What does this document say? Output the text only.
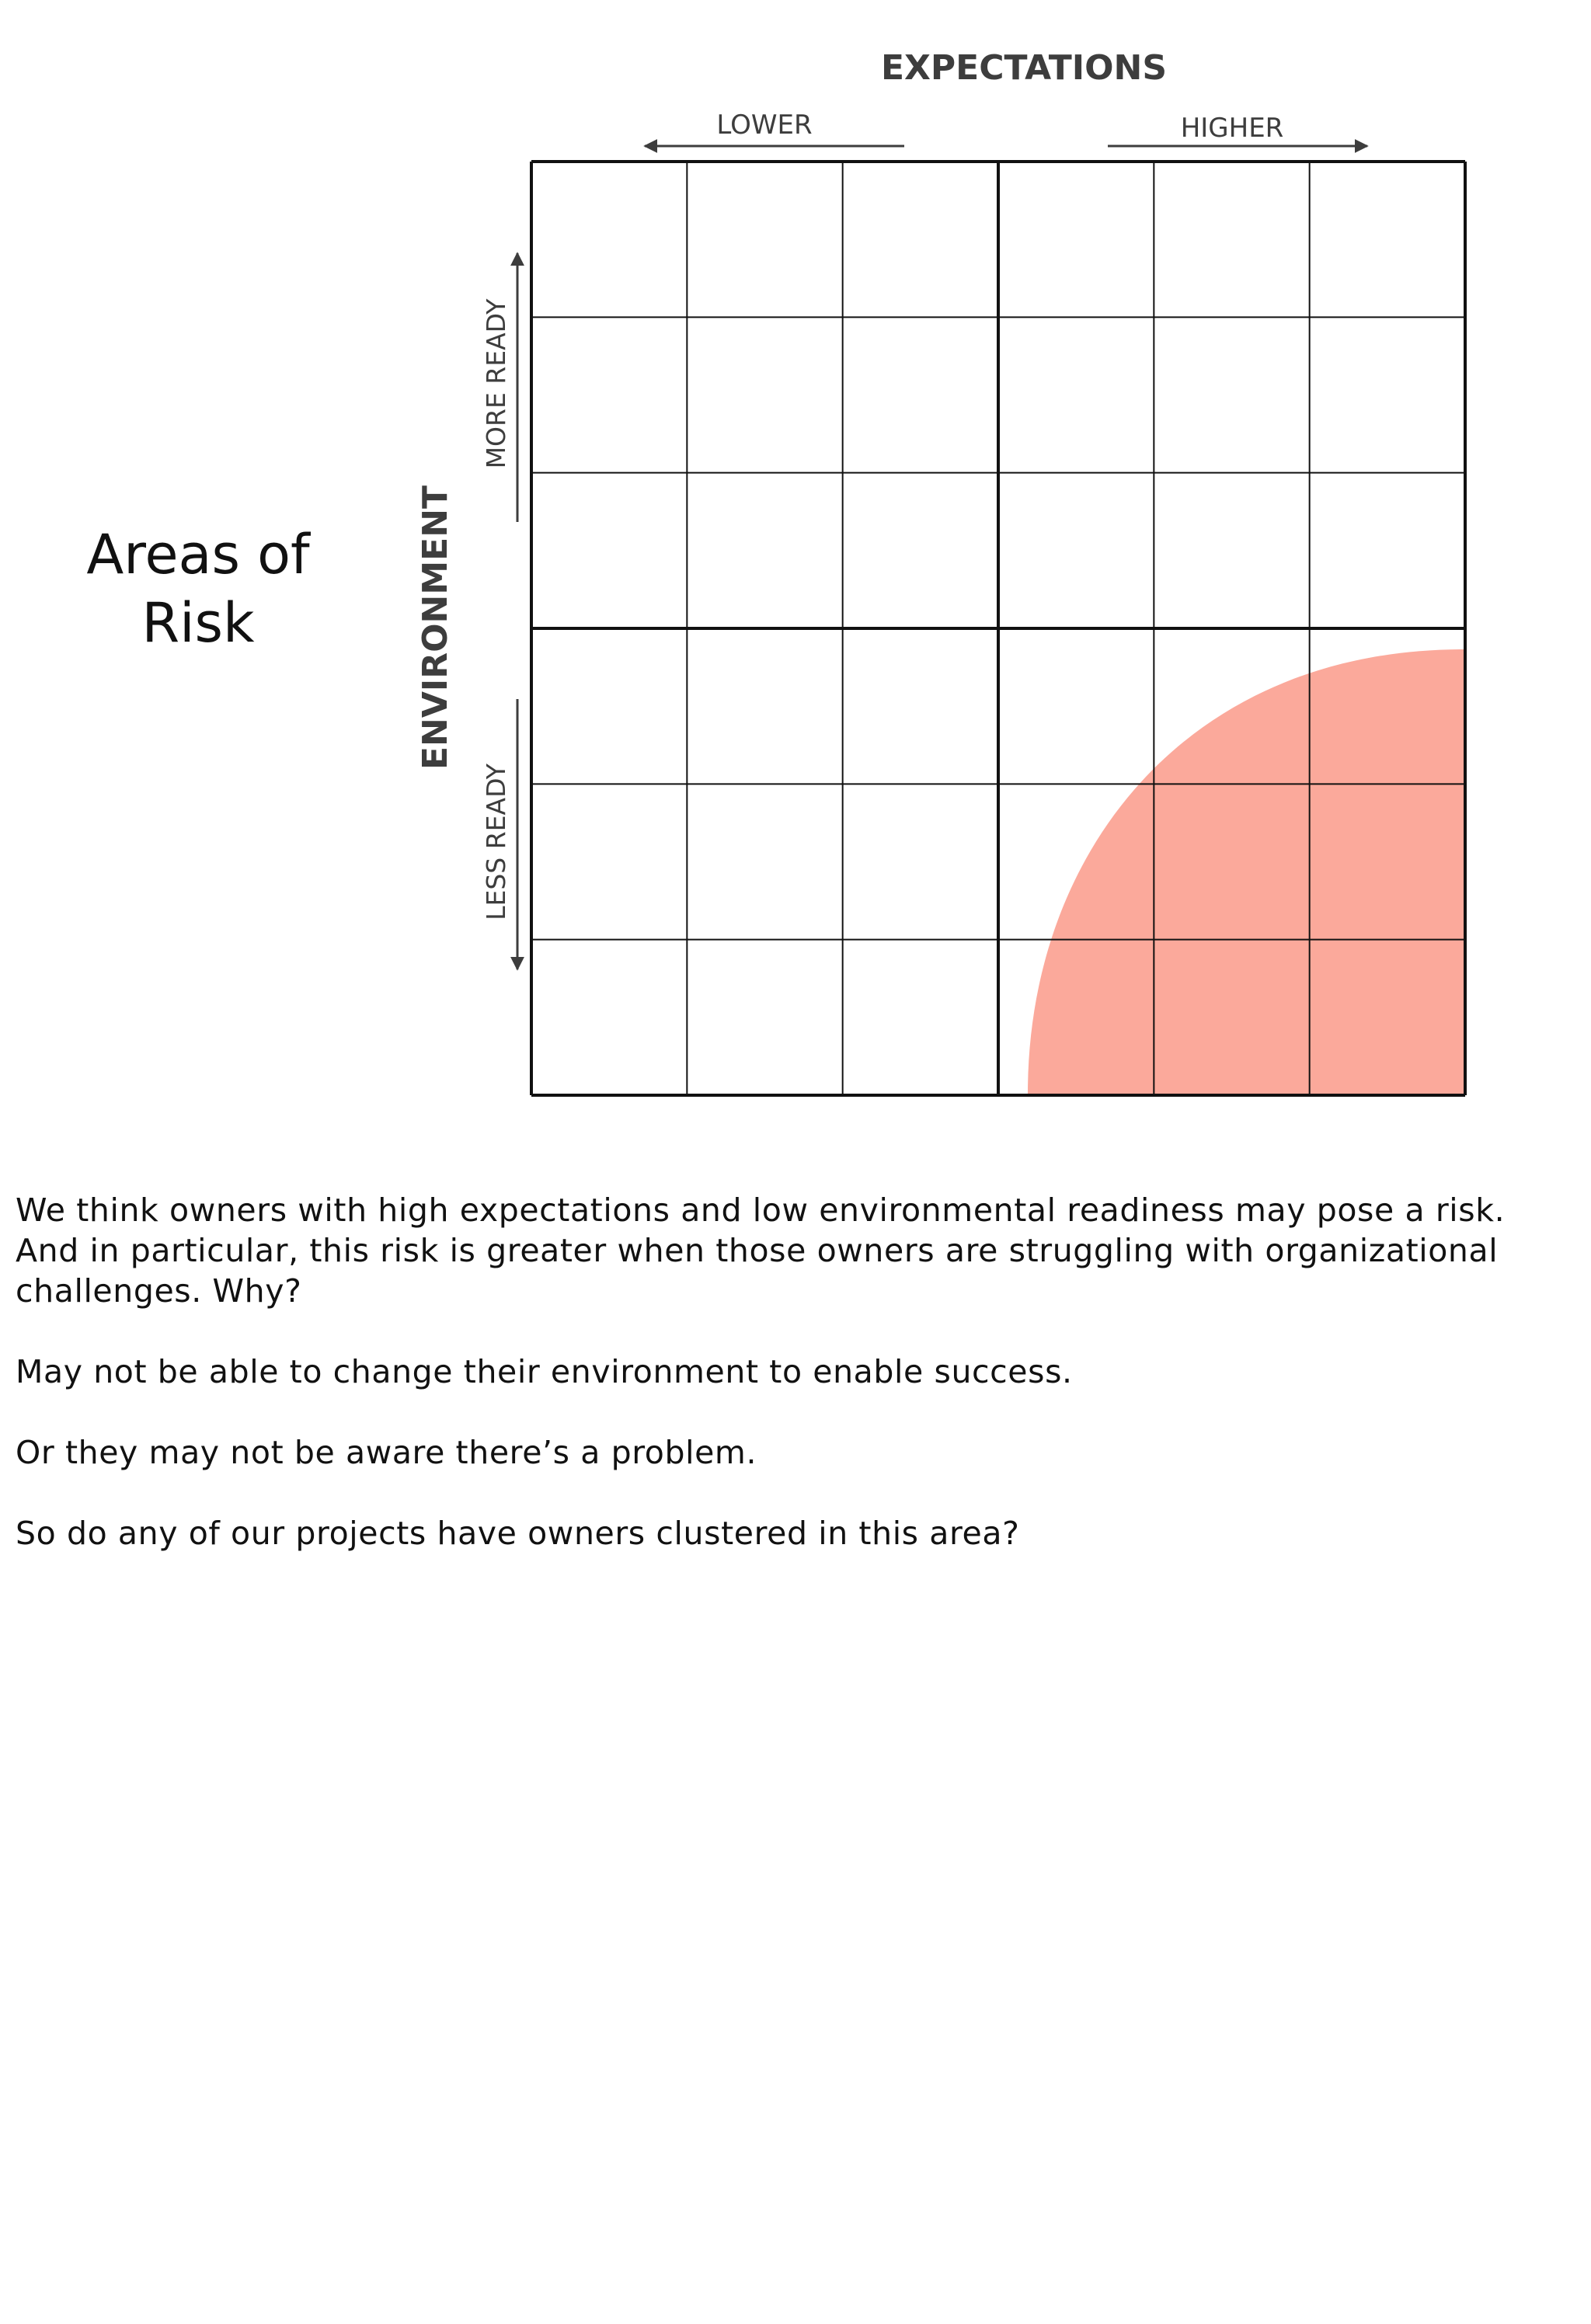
Areas of
Risk
EXPECTATIONS
LOWER	HIGHER
ENVIRONMENT
MORE READY
LESS READY

We think owners with high expectations and low environmental readiness may pose a risk.
And in particular, this risk is greater when those owners are struggling with organizational
challenges. Why?

May not be able to change their environment to enable success.

Or they may not be aware there’s a problem.

So do any of our projects have owners clustered in this area?
